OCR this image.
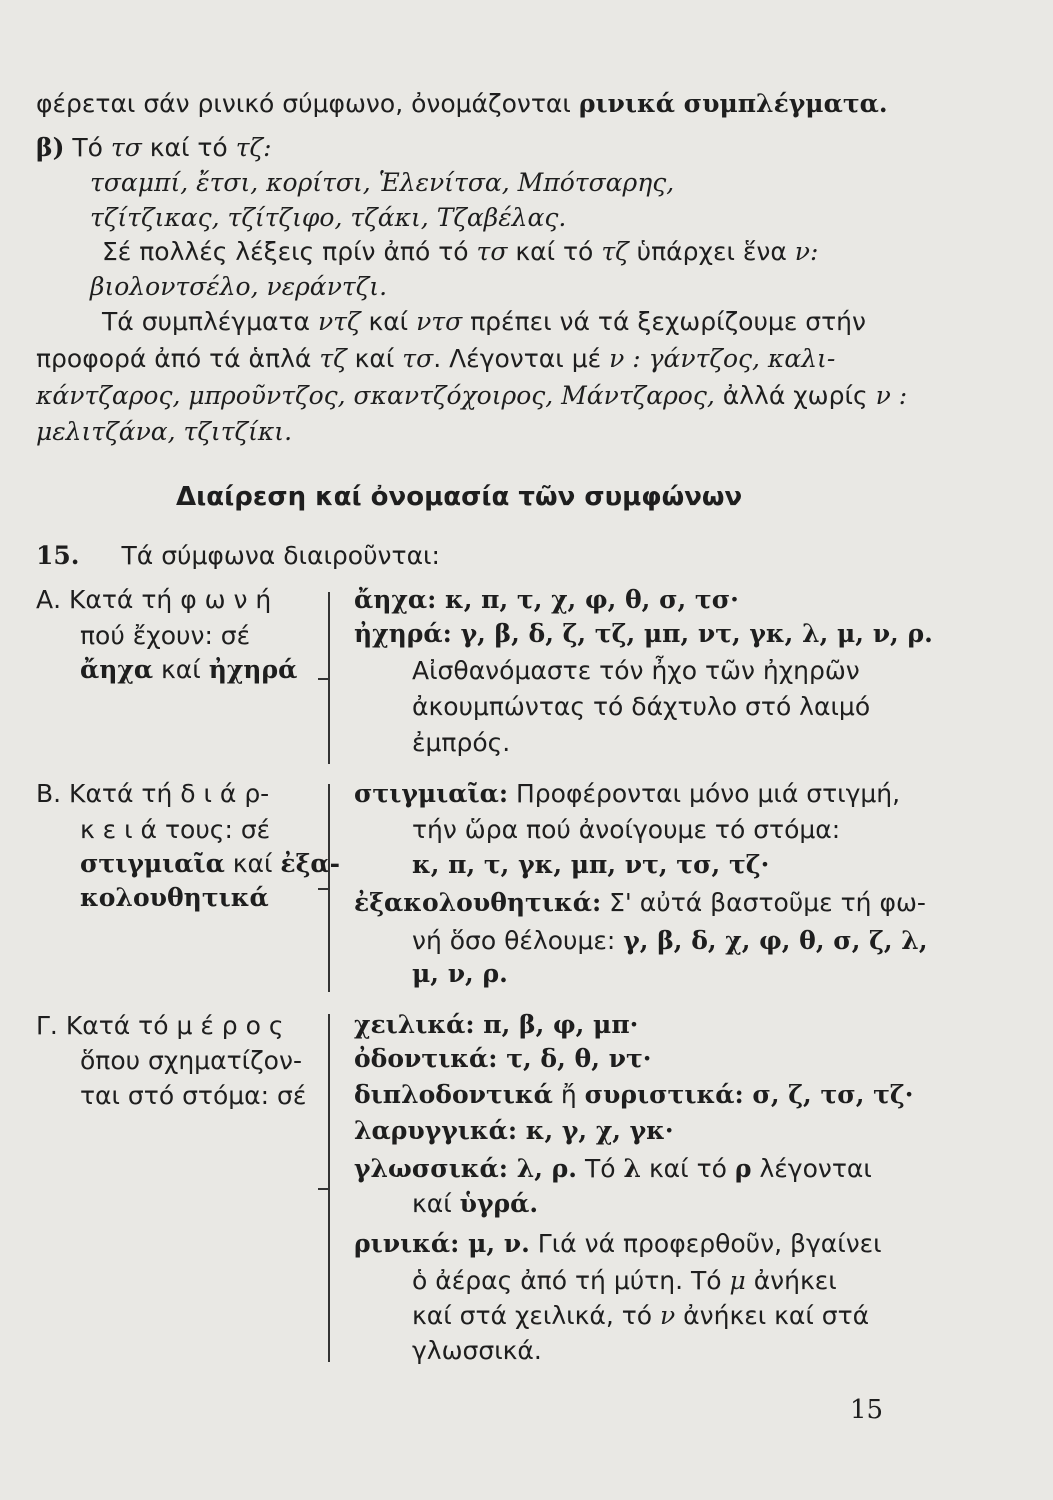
φέρεται σάν ρινικό σύμφωνο, ὀνομάζονται ρινικά συμπλέγματα.
β) Τό τσ καί τό τζ:
τσαμπί, ἔτσι, κορίτσι, Ἑλενίτσα, Μπότσαρης,
τζίτζικας, τζίτζιφο, τζάκι, Τζαβέλας.
Σέ πολλές λέξεις πρίν ἀπό τό τσ καί τό τζ ὑπάρχει ἕνα ν:
βιολοντσέλο, νεράντζι.
Τά συμπλέγματα ντζ καί ντσ πρέπει νά τά ξεχωρίζουμε στήν
προφορά ἀπό τά ἁπλά τζ καί τσ. Λέγονται μέ ν : γάντζος, καλι-
κάντζαρος, μπροῦντζος, σκαντζόχοιρος, Μάντζαρος, ἀλλά χωρίς ν :
μελιτζάνα, τζιτζίκι.
Διαίρεση καί ὀνομασία τῶν συμφώνων
15. Τά σύμφωνα διαιροῦνται:
Α. Κατά τή φ ω ν ή
πού ἔχουν: σέ
ἄηχα καί ἠχηρά
ἄηχα: κ, π, τ, χ, φ, θ, σ, τσ·
ἠχηρά: γ, β, δ, ζ, τζ, μπ, ντ, γκ, λ, μ, ν, ρ.
Αἰσθανόμαστε τόν ἦχο τῶν ἠχηρῶν
ἀκουμπώντας τό δάχτυλο στό λαιμό
ἐμπρός.
Β. Κατά τή δ ι ά ρ-
κ ε ι ά τους: σέ
στιγμιαῖα καί ἐξα-
κολουθητικά
στιγμιαῖα: Προφέρονται μόνο μιά στιγμή,
τήν ὥρα πού ἀνοίγουμε τό στόμα:
κ, π, τ, γκ, μπ, ντ, τσ, τζ·
ἐξακολουθητικά: Σ' αὐτά βαστοῦμε τή φω-
νή ὅσο θέλουμε: γ, β, δ, χ, φ, θ, σ, ζ, λ,
μ, ν, ρ.
Γ. Κατά τό μ έ ρ ο ς
ὅπου σχηματίζον-
ται στό στόμα: σέ
χειλικά: π, β, φ, μπ·
ὀδοντικά: τ, δ, θ, ντ·
διπλοδοντικά ἤ συριστικά: σ, ζ, τσ, τζ·
λαρυγγικά: κ, γ, χ, γκ·
γλωσσικά: λ, ρ. Τό λ καί τό ρ λέγονται
καί ὑγρά.
ρινικά: μ, ν. Γιά νά προφερθοῦν, βγαίνει
ὁ ἀέρας ἀπό τή μύτη. Τό μ ἀνήκει
καί στά χειλικά, τό ν ἀνήκει καί στά
γλωσσικά.
15
